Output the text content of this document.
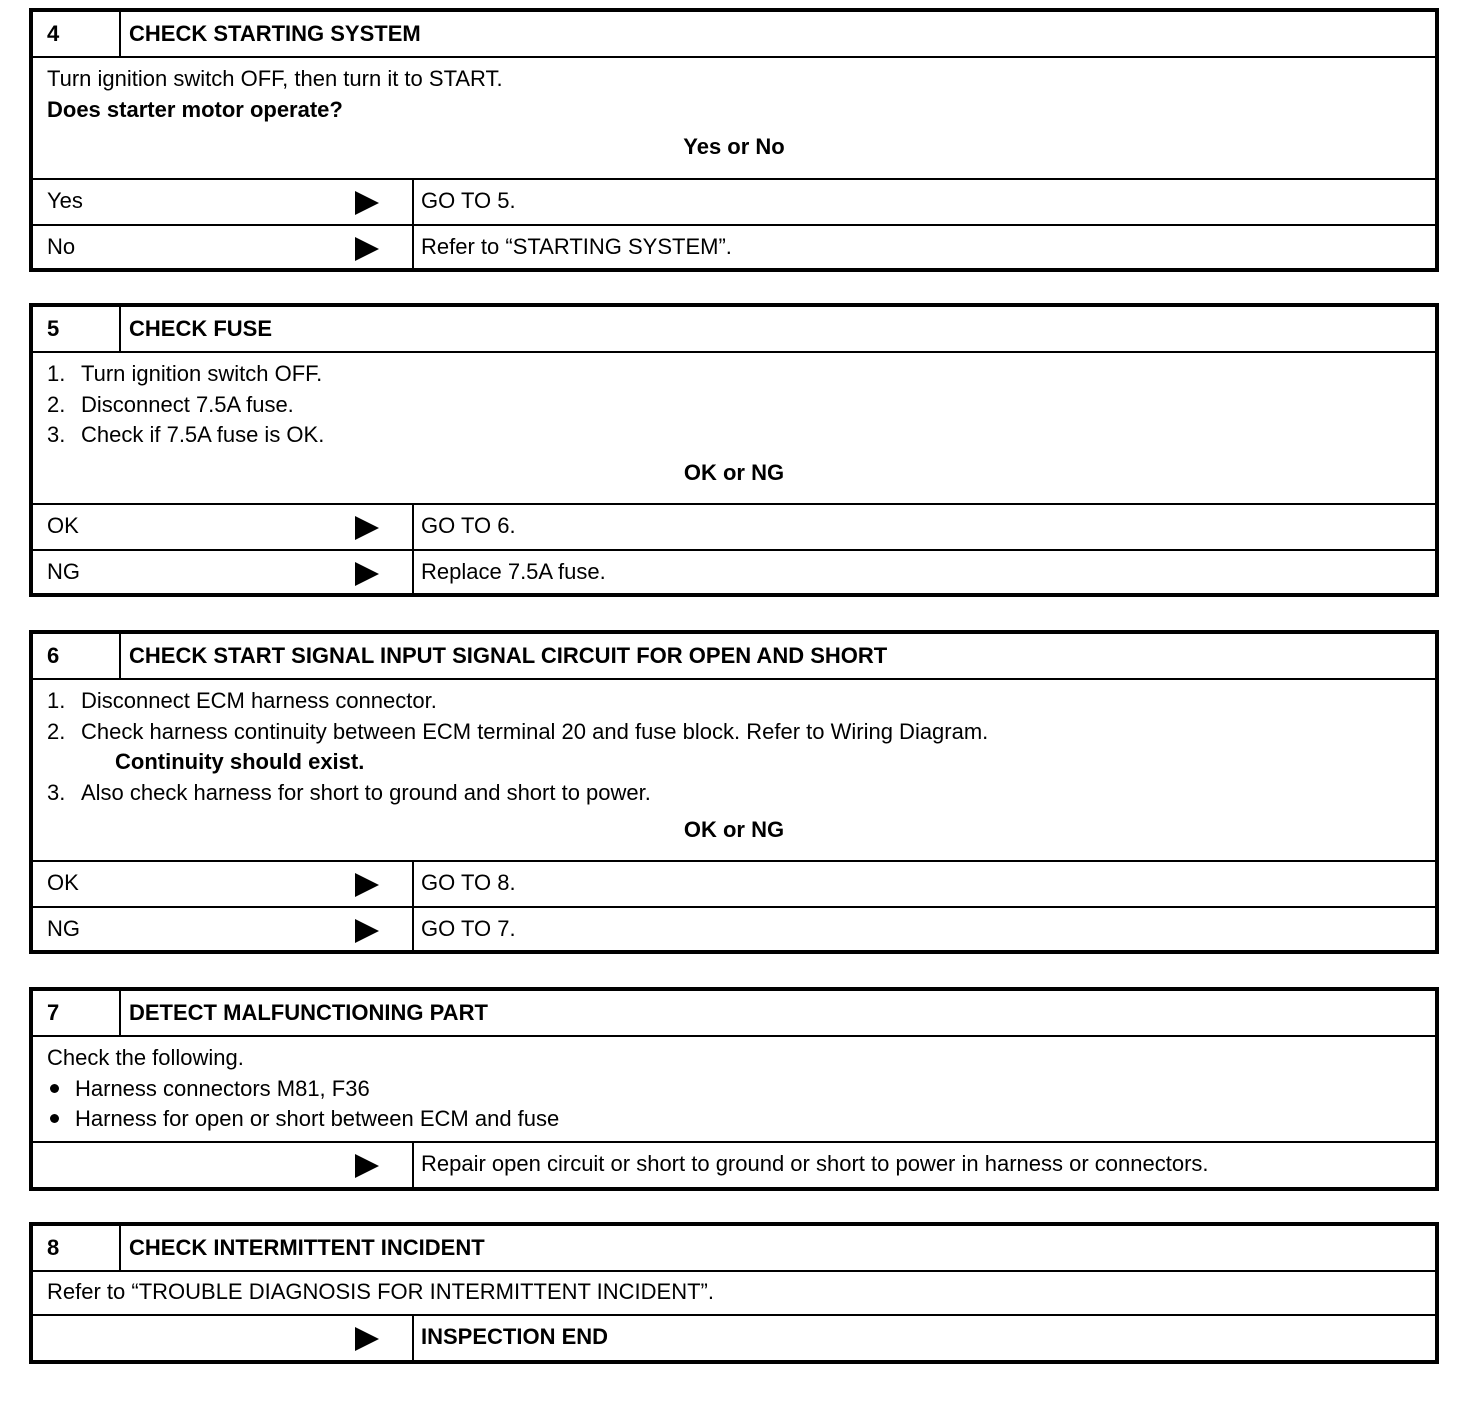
4	CHECK STARTING SYSTEM
Turn ignition switch OFF, then turn it to START.
Does starter motor operate?
Yes or No
Yes	GO TO 5.
No	Refer to “STARTING SYSTEM”.
5	CHECK FUSE
1. Turn ignition switch OFF.
2. Disconnect 7.5A fuse.
3. Check if 7.5A fuse is OK.
OK or NG
OK	GO TO 6.
NG	Replace 7.5A fuse.
6	CHECK START SIGNAL INPUT SIGNAL CIRCUIT FOR OPEN AND SHORT
1. Disconnect ECM harness connector.
2. Check harness continuity between ECM terminal 20 and fuse block. Refer to Wiring Diagram.
Continuity should exist.
3. Also check harness for short to ground and short to power.
OK or NG
OK	GO TO 8.
NG	GO TO 7.
7	DETECT MALFUNCTIONING PART
Check the following.
Harness connectors M81, F36
Harness for open or short between ECM and fuse
Repair open circuit or short to ground or short to power in harness or connectors.
8	CHECK INTERMITTENT INCIDENT
Refer to “TROUBLE DIAGNOSIS FOR INTERMITTENT INCIDENT”.
INSPECTION END
